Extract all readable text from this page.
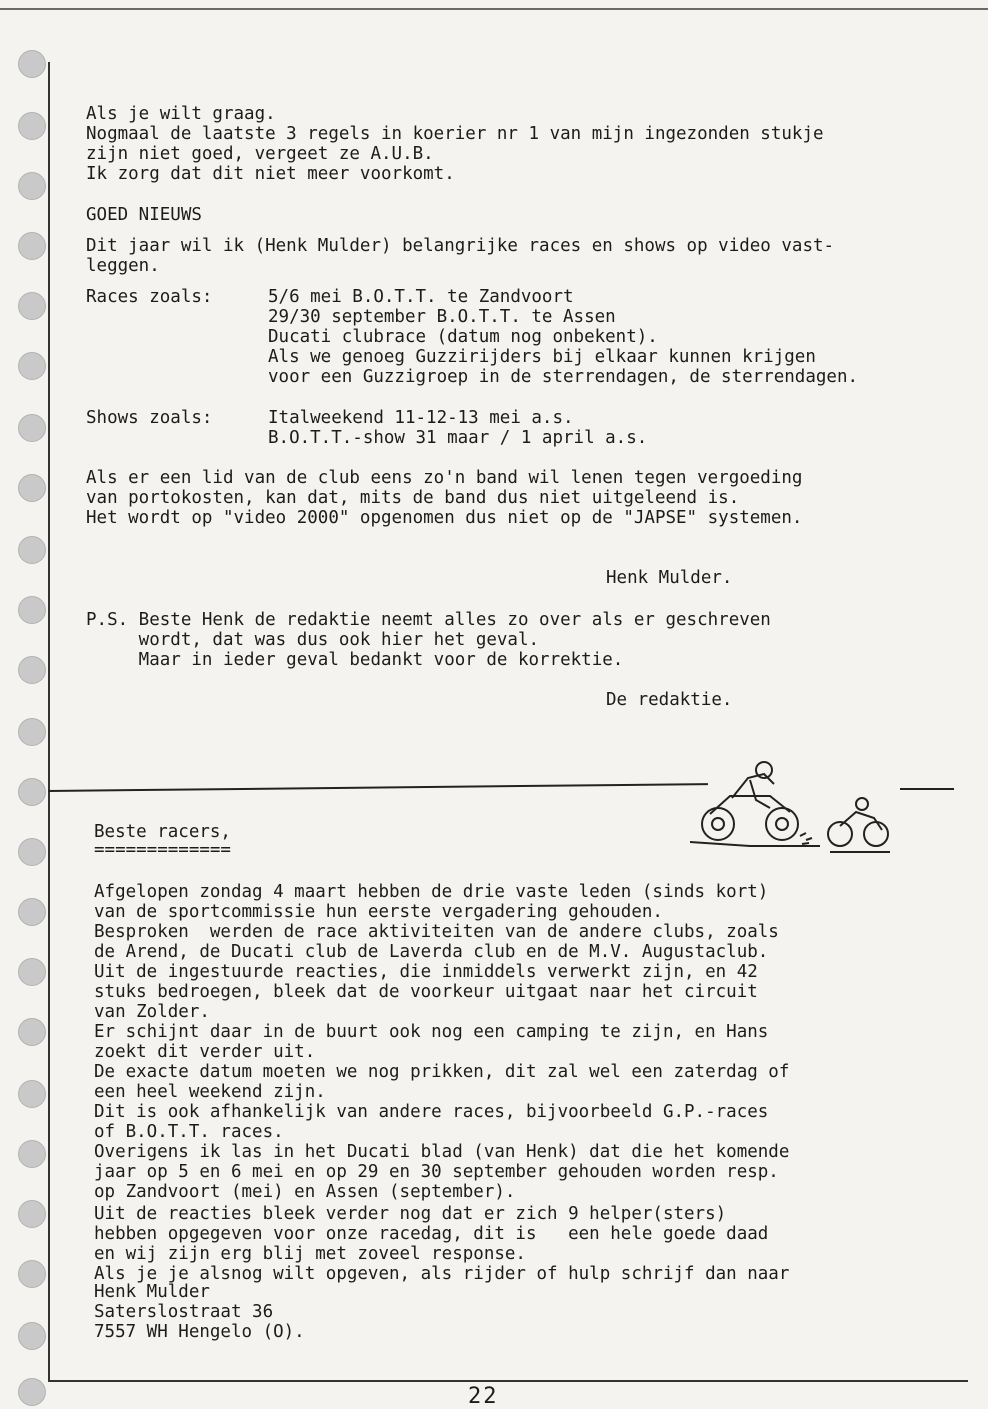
Als je wilt graag.
Nogmaal de laatste 3 regels in koerier nr 1 van mijn ingezonden stukje
zijn niet goed, vergeet ze A.U.B.
Ik zorg dat dit niet meer voorkomt.
GOED NIEUWS
Dit jaar wil ik (Henk Mulder) belangrijke races en shows op video vast-
leggen.
Races zoals:	5/6 mei B.O.T.T. te Zandvoort
29/30 september B.O.T.T. te Assen
Ducati clubrace (datum nog onbekent).
Als we genoeg Guzzirijders bij elkaar kunnen krijgen
voor een Guzzigroep in de sterrendagen, de sterrendagen.
Shows zoals:	Italweekend 11-12-13 mei a.s.
B.O.T.T.-show 31 maar / 1 april a.s.
Als er een lid van de club eens zo'n band wil lenen tegen vergoeding
van portokosten, kan dat, mits de band dus niet uitgeleend is.
Het wordt op "video 2000" opgenomen dus niet op de "JAPSE" systemen.
Henk Mulder.
P.S. Beste Henk de redaktie neemt alles zo over als er geschreven
wordt, dat was dus ook hier het geval.
Maar in ieder geval bedankt voor de korrektie.
De redaktie.
Beste racers,
=============
Afgelopen zondag 4 maart hebben de drie vaste leden (sinds kort)
van de sportcommissie hun eerste vergadering gehouden.
Besproken  werden de race aktiviteiten van de andere clubs, zoals
de Arend, de Ducati club de Laverda club en de M.V. Augustaclub.
Uit de ingestuurde reacties, die inmiddels verwerkt zijn, en 42
stuks bedroegen, bleek dat de voorkeur uitgaat naar het circuit
van Zolder.
Er schijnt daar in de buurt ook nog een camping te zijn, en Hans
zoekt dit verder uit.
De exacte datum moeten we nog prikken, dit zal wel een zaterdag of
een heel weekend zijn.
Dit is ook afhankelijk van andere races, bijvoorbeeld G.P.-races
of B.O.T.T. races.
Overigens ik las in het Ducati blad (van Henk) dat die het komende
jaar op 5 en 6 mei en op 29 en 30 september gehouden worden resp.
op Zandvoort (mei) en Assen (september).
Uit de reacties bleek verder nog dat er zich 9 helper(sters)
hebben opgegeven voor onze racedag, dit is   een hele goede daad
en wij zijn erg blij met zoveel response.
Als je je alsnog wilt opgeven, als rijder of hulp schrijf dan naar
Henk Mulder
Saterslostraat 36
7557 WH Hengelo (O).
22
